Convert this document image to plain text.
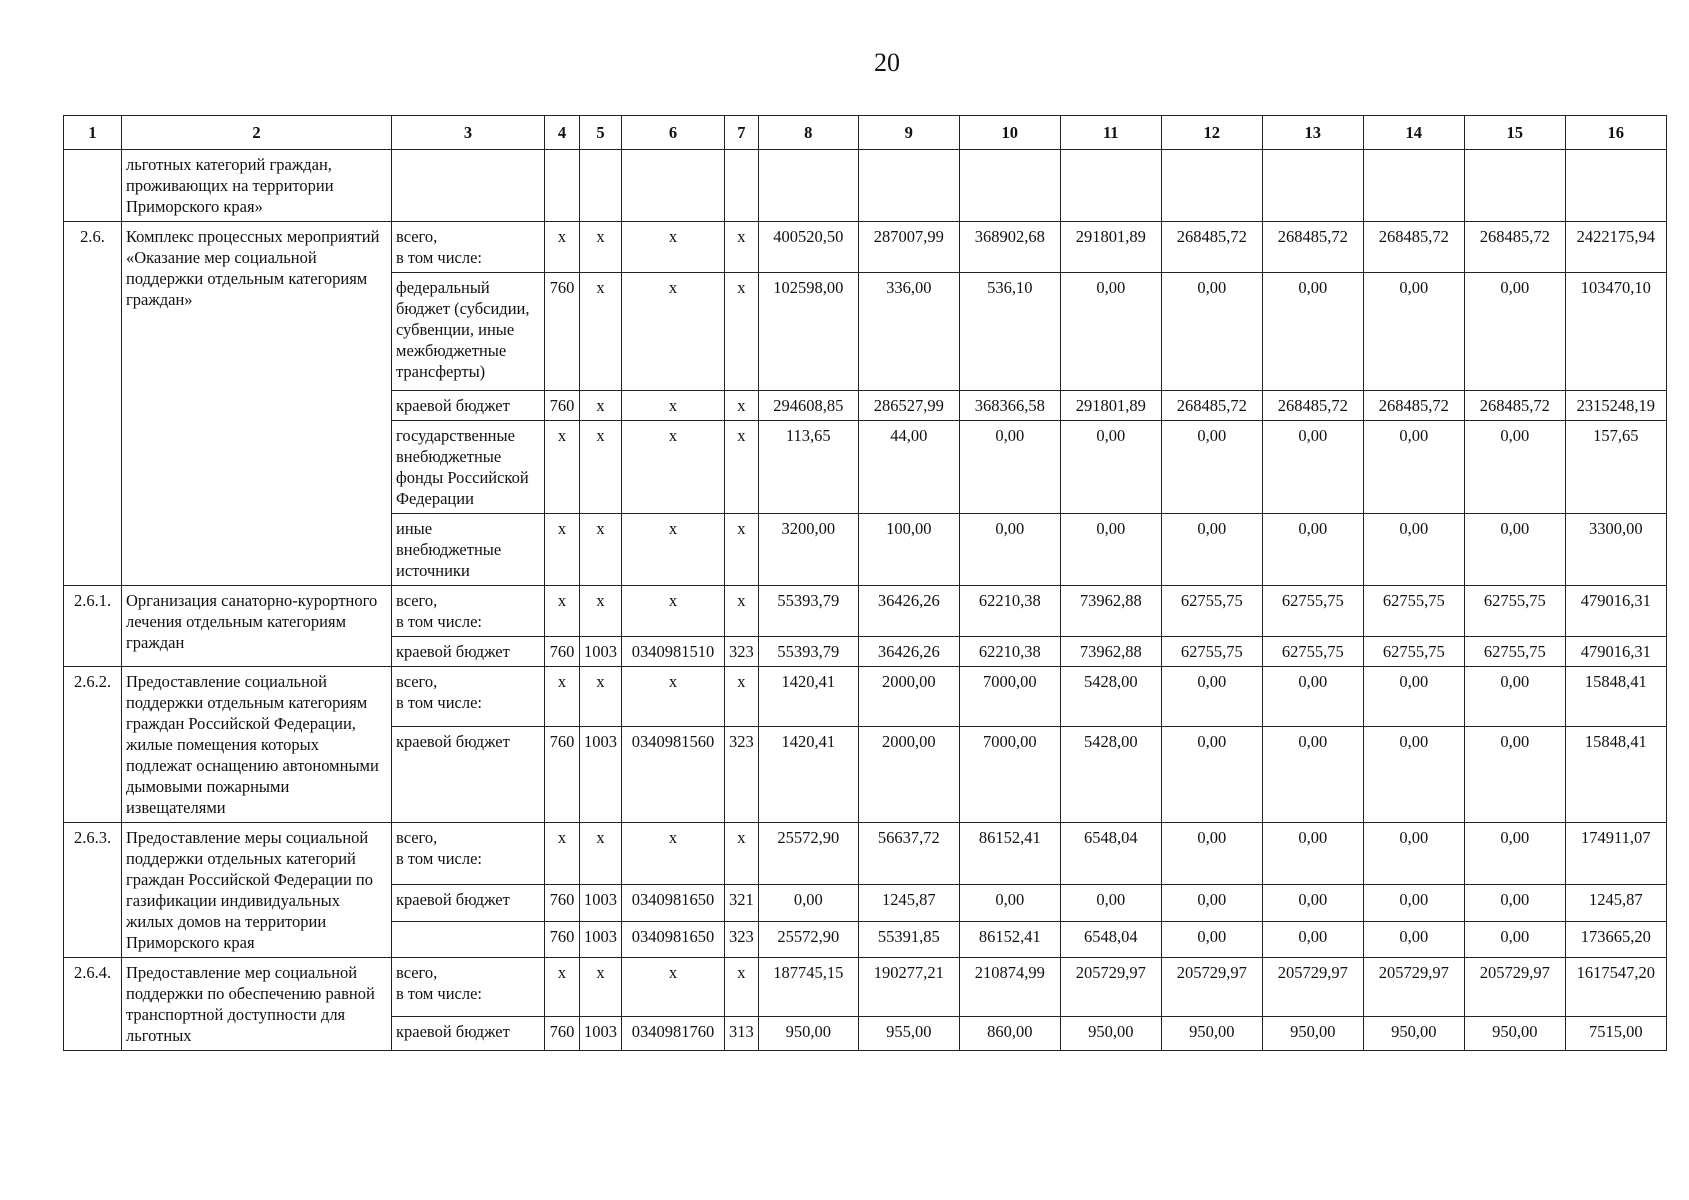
20
1	2	3	4	5	6	7	8	9	10	11	12	13	14	15	16
	льготных категорий граждан, проживающих на территории Приморского края»														
2.6.	Комплекс процессных мероприятий «Оказание мер социальной поддержки отдельным категориям граждан»	всего,
в том числе:	x	x	x	x	400520,50	287007,99	368902,68	291801,89	268485,72	268485,72	268485,72	268485,72	2422175,94
		федеральный бюджет (субсидии, субвенции, иные межбюджетные трансферты)	760	x	x	x	102598,00	336,00	536,10	0,00	0,00	0,00	0,00	0,00	103470,10
		краевой бюджет	760	x	x	x	294608,85	286527,99	368366,58	291801,89	268485,72	268485,72	268485,72	268485,72	2315248,19
		государственные внебюджетные фонды Российской Федерации	x	x	x	x	113,65	44,00	0,00	0,00	0,00	0,00	0,00	0,00	157,65
		иные внебюджетные источники	x	x	x	x	3200,00	100,00	0,00	0,00	0,00	0,00	0,00	0,00	3300,00
2.6.1.	Организация санаторно-курортного лечения отдельным категориям граждан	всего,
в том числе:	x	x	x	x	55393,79	36426,26	62210,38	73962,88	62755,75	62755,75	62755,75	62755,75	479016,31
		краевой бюджет	760	1003	0340981510	323	55393,79	36426,26	62210,38	73962,88	62755,75	62755,75	62755,75	62755,75	479016,31
2.6.2.	Предоставление социальной поддержки отдельным категориям граждан Российской Федерации, жилые помещения которых подлежат оснащению автономными дымовыми пожарными извещателями	всего,
в том числе:	x	x	x	x	1420,41	2000,00	7000,00	5428,00	0,00	0,00	0,00	0,00	15848,41
		краевой бюджет	760	1003	0340981560	323	1420,41	2000,00	7000,00	5428,00	0,00	0,00	0,00	0,00	15848,41
2.6.3.	Предоставление меры социальной поддержки отдельных категорий граждан Российской Федерации по газификации индивидуальных жилых домов на территории Приморского края	всего,
в том числе:	x	x	x	x	25572,90	56637,72	86152,41	6548,04	0,00	0,00	0,00	0,00	174911,07
		краевой бюджет	760	1003	0340981650	321	0,00	1245,87	0,00	0,00	0,00	0,00	0,00	0,00	1245,87
			760	1003	0340981650	323	25572,90	55391,85	86152,41	6548,04	0,00	0,00	0,00	0,00	173665,20
2.6.4.	Предоставление мер социальной поддержки по обеспечению равной транспортной доступности для льготных	всего,
в том числе:	x	x	x	x	187745,15	190277,21	210874,99	205729,97	205729,97	205729,97	205729,97	205729,97	1617547,20
		краевой бюджет	760	1003	0340981760	313	950,00	955,00	860,00	950,00	950,00	950,00	950,00	950,00	7515,00
